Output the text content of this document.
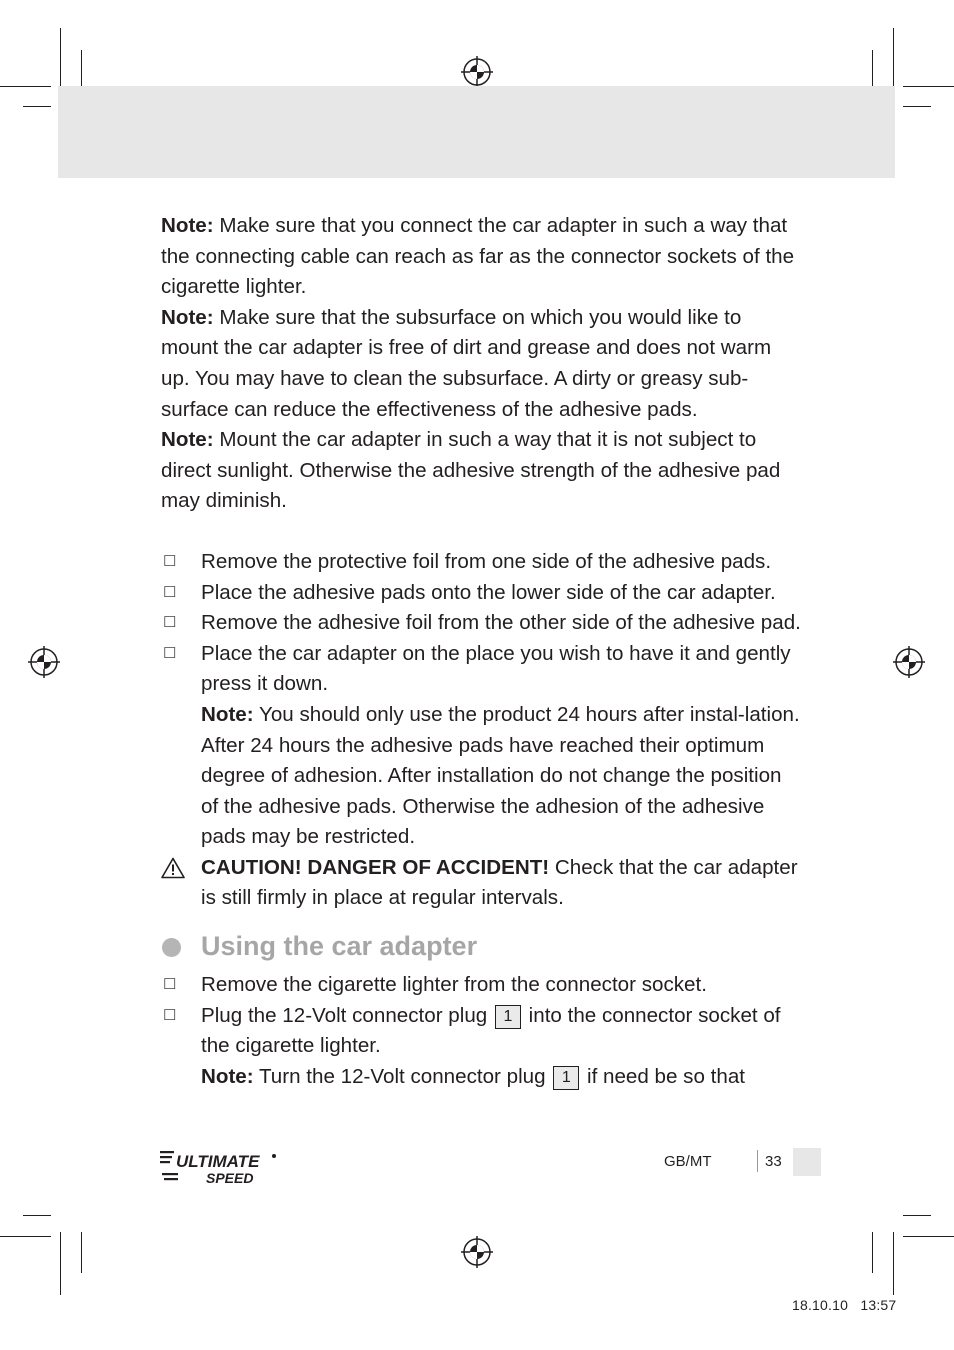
Note: Make sure that you connect the car adapter in such a way that the connecting cable can reach as far as the connector sockets of the cigarette lighter.

Note: Make sure that the subsurface on which you would like to mount the car adapter is free of dirt and grease and does not warm up. You may have to clean the subsurface. A dirty or greasy sub-surface can reduce the effectiveness of the adhesive pads.

Note: Mount the car adapter in such a way that it is not subject to direct sunlight. Otherwise the adhesive strength of the adhesive pad may diminish.

☐ Remove the protective foil from one side of the adhesive pads.

☐ Place the adhesive pads onto the lower side of the car adapter.

☐ Remove the adhesive foil from the other side of the adhesive pad.

☐ Place the car adapter on the place you wish to have it and gently press it down.

Note: You should only use the product 24 hours after instal-lation. After 24 hours the adhesive pads have reached their optimum degree of adhesion. After installation do not change the position of the adhesive pads. Otherwise the adhesion of the adhesive pads may be restricted.

CAUTION! DANGER OF ACCIDENT! Check that the car adapter is still firmly in place at regular intervals.

Using the car adapter

☐ Remove the cigarette lighter from the connector socket.

☐ Plug the 12-Volt connector plug 1 into the connector socket of the cigarette lighter.

Note: Turn the 12-Volt connector plug 1 if need be so that

ULTIMATE
SPEED
GB/MT	33
18.10.10   13:57
